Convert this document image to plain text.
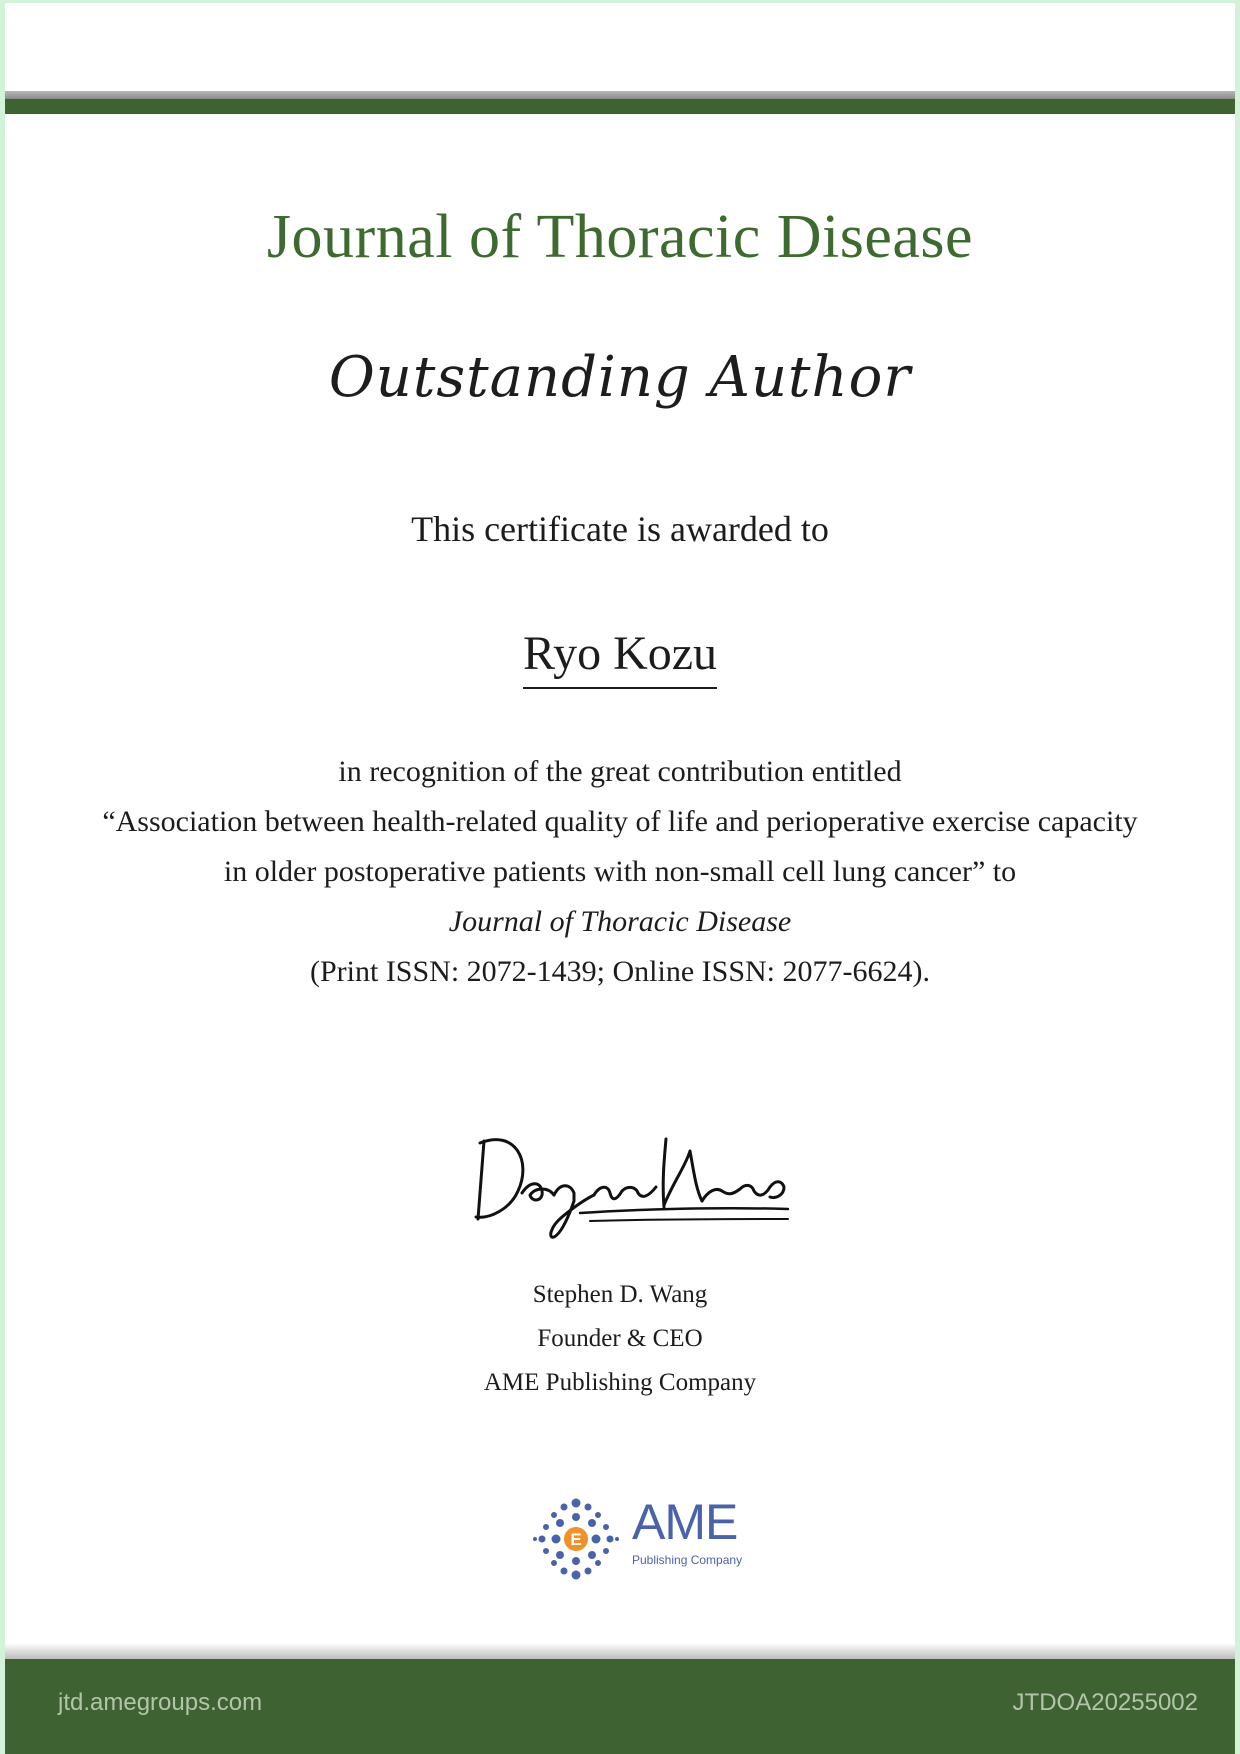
Journal of Thoracic Disease
Outstanding Author
This certificate is awarded to
Ryo Kozu
in recognition of the great contribution entitled
“Association between health-related quality of life and perioperative exercise capacity
in older postoperative patients with non-small cell lung cancer” to
Journal of Thoracic Disease
(Print ISSN: 2072-1439; Online ISSN: 2077-6624).
Stephen D. Wang
Founder & CEO
AME Publishing Company
E AME
Publishing Company
jtd.amegroups.com	JTDOA20255002
